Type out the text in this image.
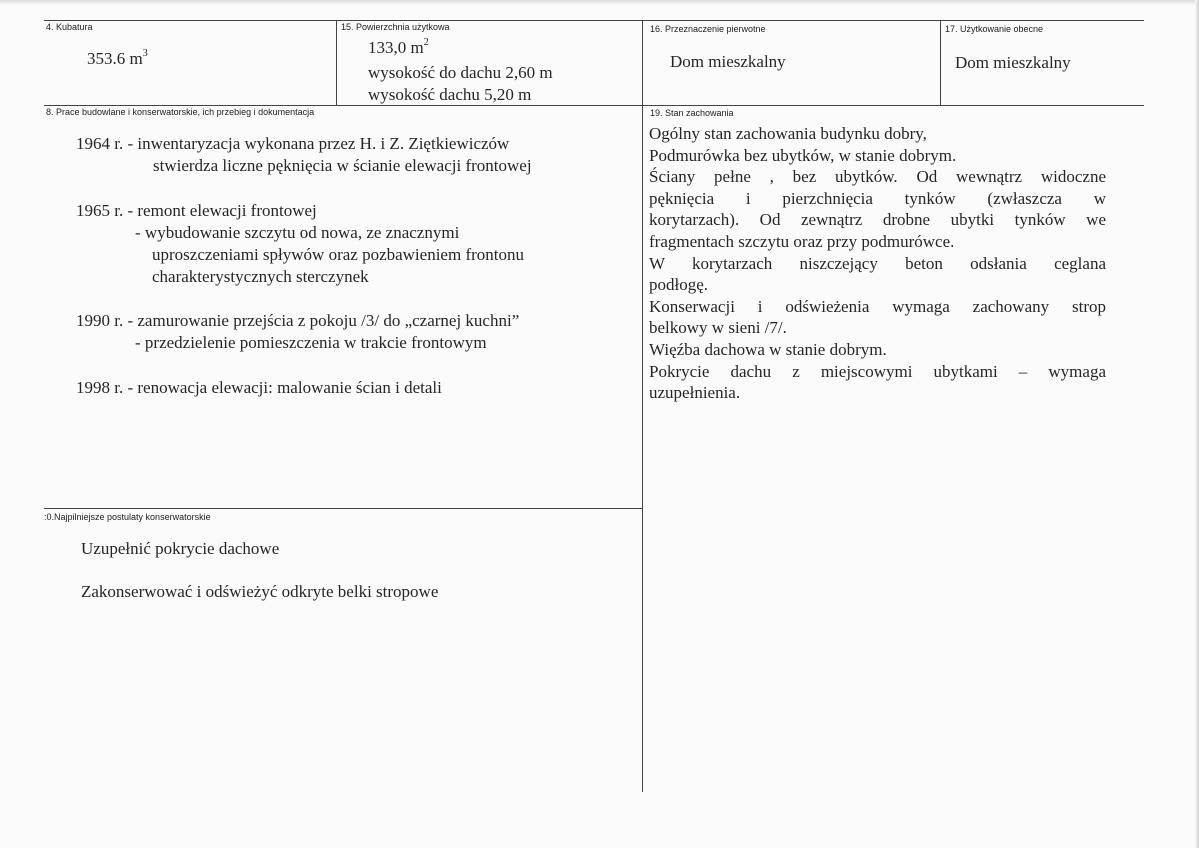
4. Kubatura
353.6 $m^3$
15. Powierzchnia użytkowa
133,0 $m^2$
wysokość do dachu 2,60 m
wysokość dachu 5,20 m
16. Przeznaczenie pierwotne
Dom mieszkalny
17. Użytkowanie obecne
Dom mieszkalny
8. Prace budowlane i konserwatorskie, ich przebieg i dokumentacja
1964 r. - inwentaryzacja wykonana przez H. i Z. Ziętkiewiczów
stwierdza liczne pęknięcia w ścianie elewacji frontowej
1965 r. - remont elewacji frontowej
- wybudowanie szczytu od nowa, ze znacznymi
uproszczeniami spływów oraz pozbawieniem frontonu
charakterystycznych sterczynek
1990 r. - zamurowanie przejścia z pokoju /3/ do „czarnej kuchni”
- przedzielenie pomieszczenia w trakcie frontowym
1998 r. - renowacja elewacji: malowanie ścian i detali
19. Stan zachowania
Ogólny stan zachowania budynku dobry,
Podmurówka bez ubytków, w stanie dobrym.
Ściany pełne , bez ubytków. Od wewnątrz widoczne
pęknięcia i pierzchnięcia tynków (zwłaszcza w
korytarzach). Od zewnątrz drobne ubytki tynków we
fragmentach szczytu oraz przy podmurówce.
W korytarzach niszczejący beton odsłania ceglana
podłogę.
Konserwacji i odświeżenia wymaga zachowany strop
belkowy w sieni /7/.
Więźba dachowa w stanie dobrym.
Pokrycie dachu z miejscowymi ubytkami – wymaga
uzupełnienia.
:0.Najpilniejsze postulaty konserwatorskie
Uzupełnić pokrycie dachowe
Zakonserwować i odświeżyć odkryte belki stropowe
